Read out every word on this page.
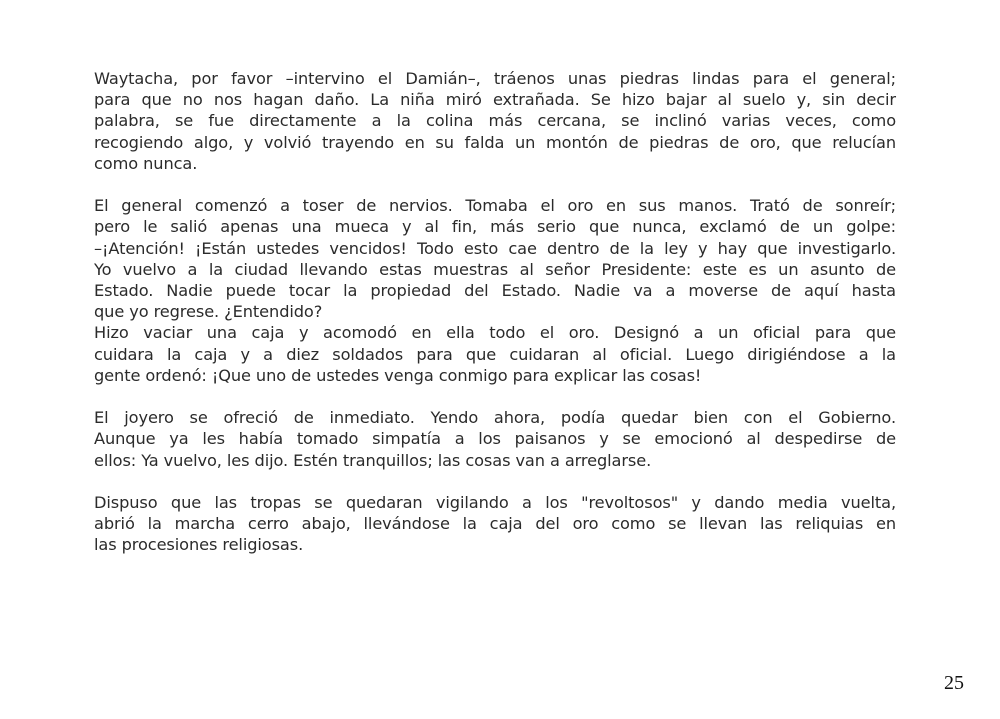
Waytacha, por favor –intervino el Damián–, tráenos unas piedras lindas para el general;
para que no nos hagan daño. La niña miró extrañada. Se hizo bajar al suelo y, sin decir
palabra, se fue directamente a la colina más cercana, se inclinó varias veces, como
recogiendo algo, y volvió trayendo en su falda un montón de piedras de oro, que relucían
como nunca.

El general comenzó a toser de nervios. Tomaba el oro en sus manos. Trató de sonreír;
pero le salió apenas una mueca y al fin, más serio que nunca, exclamó de un golpe:
–¡Atención! ¡Están ustedes vencidos! Todo esto cae dentro de la ley y hay que investigarlo.
Yo vuelvo a la ciudad llevando estas muestras al señor Presidente: este es un asunto de
Estado. Nadie puede tocar la propiedad del Estado. Nadie va a moverse de aquí hasta
que yo regrese. ¿Entendido?

Hizo vaciar una caja y acomodó en ella todo el oro. Designó a un oficial para que
cuidara la caja y a diez soldados para que cuidaran al oficial. Luego dirigiéndose a la
gente ordenó: ¡Que uno de ustedes venga conmigo para explicar las cosas!

El joyero se ofreció de inmediato. Yendo ahora, podía quedar bien con el Gobierno.
Aunque ya les había tomado simpatía a los paisanos y se emocionó al despedirse de
ellos: Ya vuelvo, les dijo. Estén tranquillos; las cosas van a arreglarse.

Dispuso que las tropas se quedaran vigilando a los "revoltosos" y dando media vuelta,
abrió la marcha cerro abajo, llevándose la caja del oro como se llevan las reliquias en
las procesiones religiosas.

25
